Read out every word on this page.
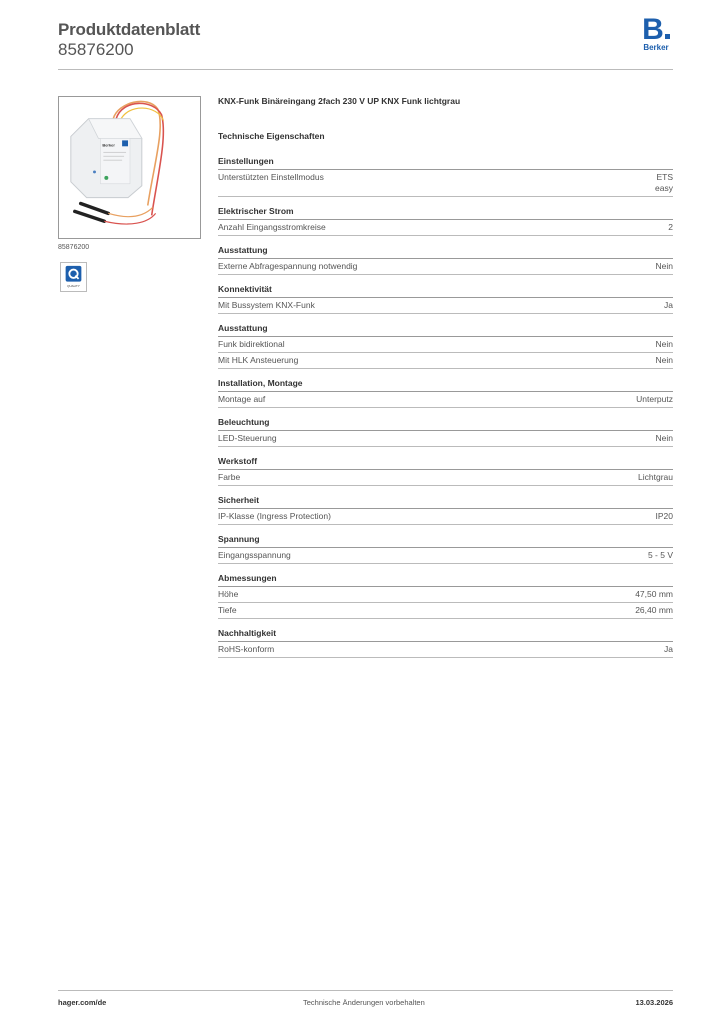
Produktdatenblatt
85876200
B
Berker
Berker
85876200
QUALITY
KNX-Funk Binäreingang 2fach 230 V UP KNX Funk lichtgrau
Technische Eigenschaften
Einstellungen
Unterstützten Einstellmodus	ETS
easy
Elektrischer Strom
Anzahl Eingangsstromkreise	2
Ausstattung
Externe Abfragespannung notwendig	Nein
Konnektivität
Mit Bussystem KNX-Funk	Ja
Ausstattung
Funk bidirektional	Nein
Mit HLK Ansteuerung	Nein
Installation, Montage
Montage auf	Unterputz
Beleuchtung
LED-Steuerung	Nein
Werkstoff
Farbe	Lichtgrau
Sicherheit
IP-Klasse (Ingress Protection)	IP20
Spannung
Eingangsspannung	5 - 5 V
Abmessungen
Höhe	47,50 mm
Tiefe	26,40 mm
Nachhaltigkeit
RoHS-konform	Ja
hager.com/de	Technische Änderungen vorbehalten	13.03.2026
